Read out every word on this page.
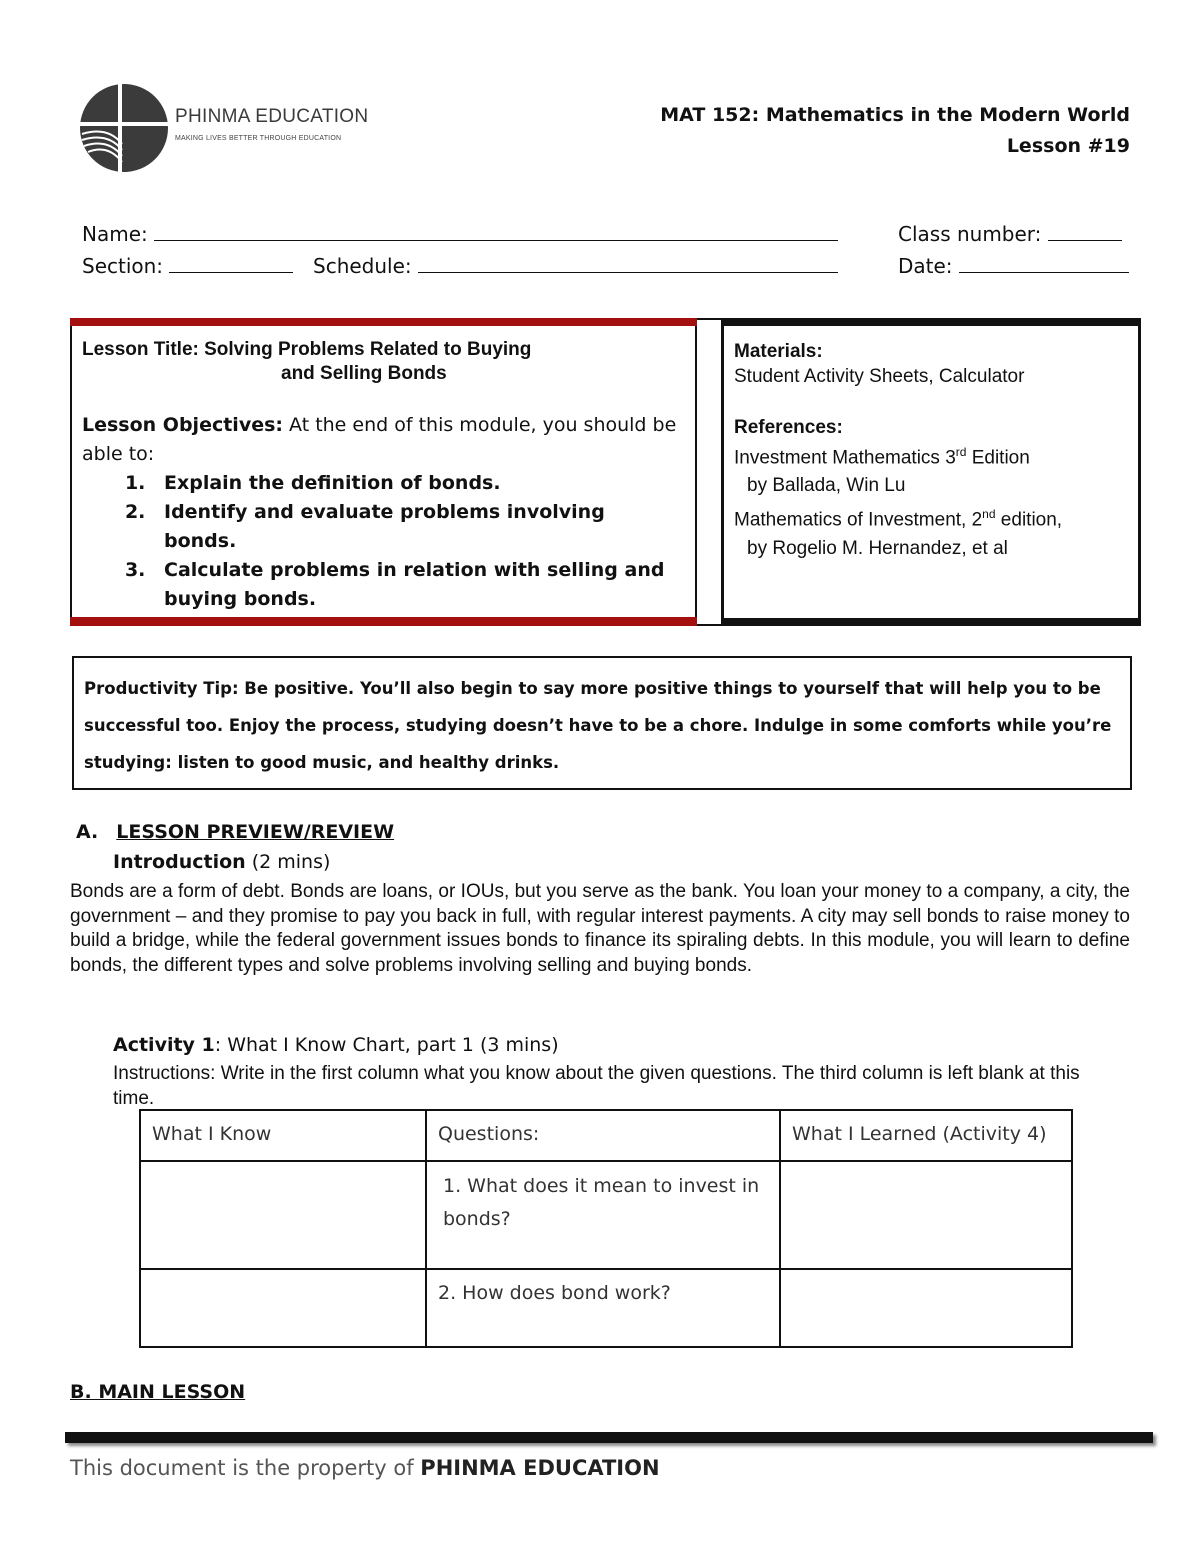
PHINMA EDUCATION
MAKING LIVES BETTER THROUGH EDUCATION
MAT 152: Mathematics in the Modern World
Lesson #19
Name:	Class number:
Section:	Schedule:	Date:
Lesson Title: Solving Problems Related to Buying
and Selling Bonds
Lesson Objectives: At the end of this module, you should be able to:
1. Explain the definition of bonds.
2. Identify and evaluate problems involving bonds.
3. Calculate problems in relation with selling and buying bonds.
Materials:
Student Activity Sheets, Calculator
References:
Investment Mathematics 3rd Edition
by Ballada, Win Lu
Mathematics of Investment, 2nd edition,
by Rogelio M. Hernandez, et al
Productivity Tip: Be positive. You’ll also begin to say more positive things to yourself that will help you to be successful too. Enjoy the process, studying doesn’t have to be a chore. Indulge in some comforts while you’re studying: listen to good music, and healthy drinks.
A. LESSON PREVIEW/REVIEW
Introduction (2 mins)
Bonds are a form of debt. Bonds are loans, or IOUs, but you serve as the bank. You loan your money to a company, a city, the government – and they promise to pay you back in full, with regular interest payments. A city may sell bonds to raise money to build a bridge, while the federal government issues bonds to finance its spiraling debts. In this module, you will learn to define bonds, the different types and solve problems involving selling and buying bonds.
Activity 1: What I Know Chart, part 1 (3 mins)
Instructions: Write in the first column what you know about the given questions. The third column is left blank at this time.
What I Know	Questions:	What I Learned (Activity 4)
	1. What does it mean to invest in bonds?	
	2. How does bond work?	
B. MAIN LESSON
This document is the property of PHINMA EDUCATION
